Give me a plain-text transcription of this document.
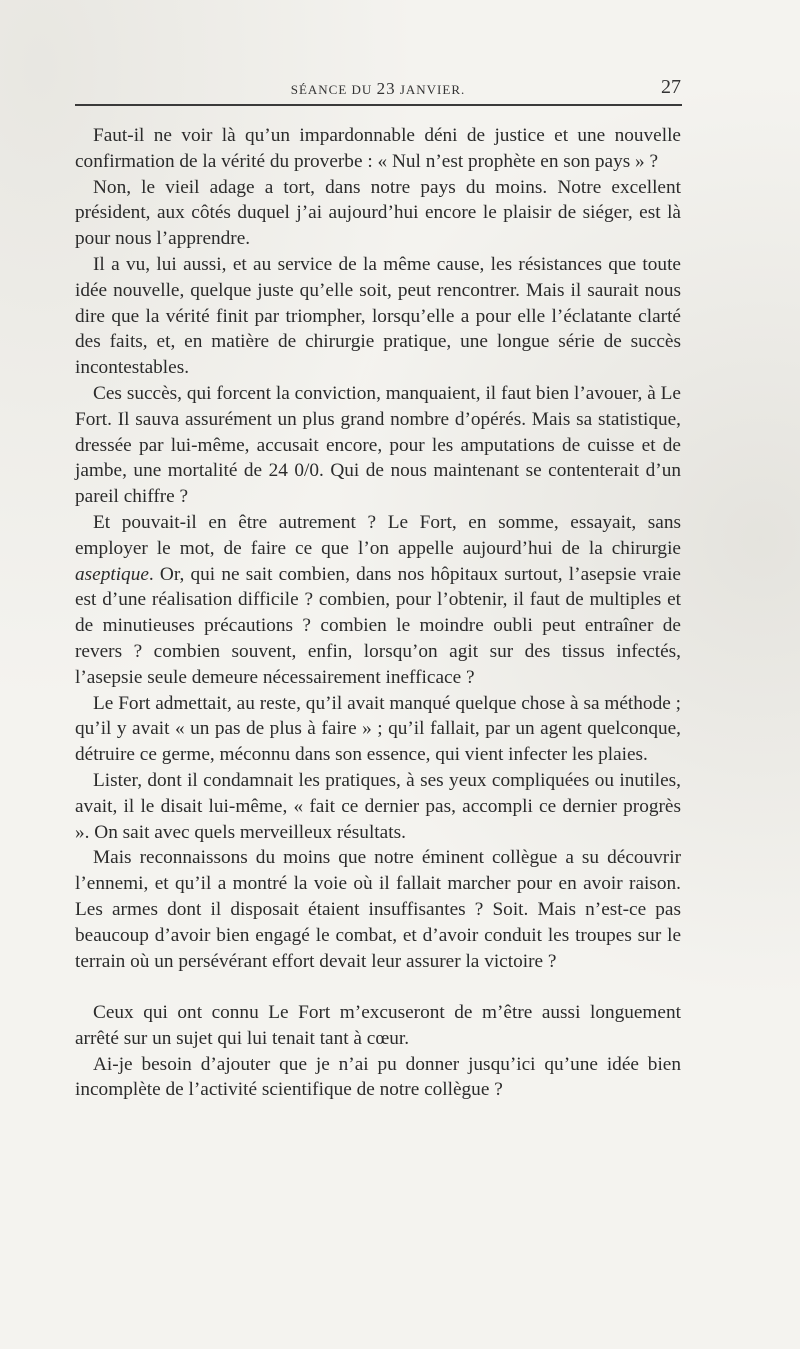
SÉANCE DU 23 JANVIER.	27

Faut-il ne voir là qu’un impardonnable déni de justice et une nouvelle confirmation de la vérité du proverbe : « Nul n’est prophète en son pays » ?

Non, le vieil adage a tort, dans notre pays du moins. Notre excellent président, aux côtés duquel j’ai aujourd’hui encore le plaisir de siéger, est là pour nous l’apprendre.

Il a vu, lui aussi, et au service de la même cause, les résistances que toute idée nouvelle, quelque juste qu’elle soit, peut rencontrer. Mais il saurait nous dire que la vérité finit par triompher, lorsqu’elle a pour elle l’éclatante clarté des faits, et, en matière de chirurgie pratique, une longue série de succès incontestables.

Ces succès, qui forcent la conviction, manquaient, il faut bien l’avouer, à Le Fort. Il sauva assurément un plus grand nombre d’opérés. Mais sa statistique, dressée par lui-même, accusait encore, pour les amputations de cuisse et de jambe, une mortalité de 24 0/0. Qui de nous maintenant se contenterait d’un pareil chiffre ?

Et pouvait-il en être autrement ? Le Fort, en somme, essayait, sans employer le mot, de faire ce que l’on appelle aujourd’hui de la chirurgie aseptique. Or, qui ne sait combien, dans nos hôpitaux surtout, l’asepsie vraie est d’une réalisation difficile ? combien, pour l’obtenir, il faut de multiples et de minutieuses précautions ? combien le moindre oubli peut entraîner de revers ? combien souvent, enfin, lorsqu’on agit sur des tissus infectés, l’asepsie seule demeure nécessairement inefficace ?

Le Fort admettait, au reste, qu’il avait manqué quelque chose à sa méthode ; qu’il y avait « un pas de plus à faire » ; qu’il fallait, par un agent quelconque, détruire ce germe, méconnu dans son essence, qui vient infecter les plaies.

Lister, dont il condamnait les pratiques, à ses yeux compliquées ou inutiles, avait, il le disait lui-même, « fait ce dernier pas, accompli ce dernier progrès ». On sait avec quels merveilleux résultats.

Mais reconnaissons du moins que notre éminent collègue a su découvrir l’ennemi, et qu’il a montré la voie où il fallait marcher pour en avoir raison. Les armes dont il disposait étaient insuffisantes ? Soit. Mais n’est-ce pas beaucoup d’avoir bien engagé le combat, et d’avoir conduit les troupes sur le terrain où un persévérant effort devait leur assurer la victoire ?

Ceux qui ont connu Le Fort m’excuseront de m’être aussi longuement arrêté sur un sujet qui lui tenait tant à cœur.

Ai-je besoin d’ajouter que je n’ai pu donner jusqu’ici qu’une idée bien incomplète de l’activité scientifique de notre collègue ?
